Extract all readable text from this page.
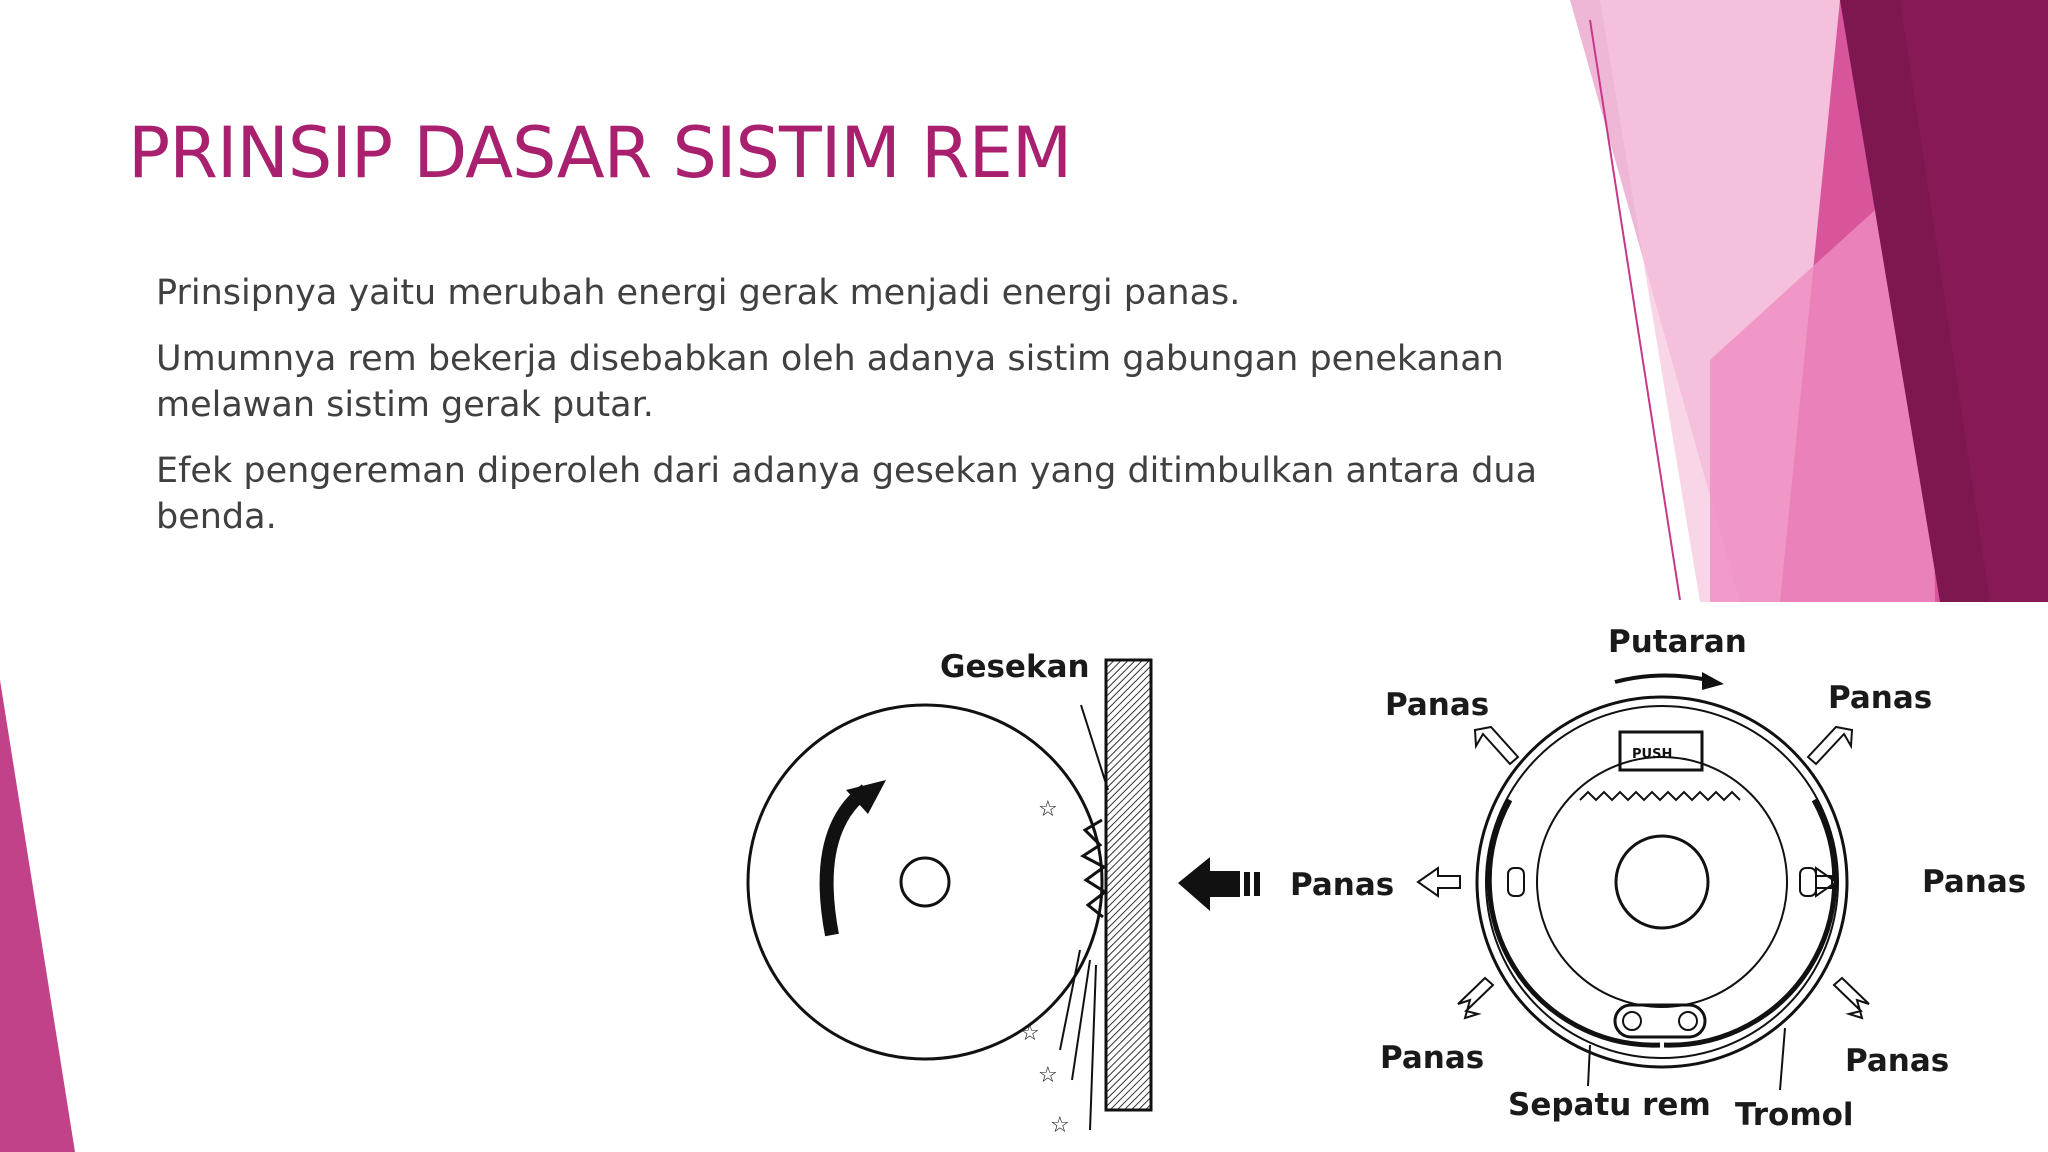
PRINSIP DASAR SISTIM REM
Prinsipnya yaitu merubah energi gerak menjadi energi panas.
Umumnya rem bekerja disebabkan oleh adanya sistim gabungan penekanan melawan sistim gerak putar.
Efek pengereman diperoleh dari adanya gesekan yang ditimbulkan antara dua benda.
☆
☆
☆
☆
Gesekan
Panas
PUSH
Putaran
Panas	Panas
Panas
Panas	Panas
Sepatu rem Tromol
